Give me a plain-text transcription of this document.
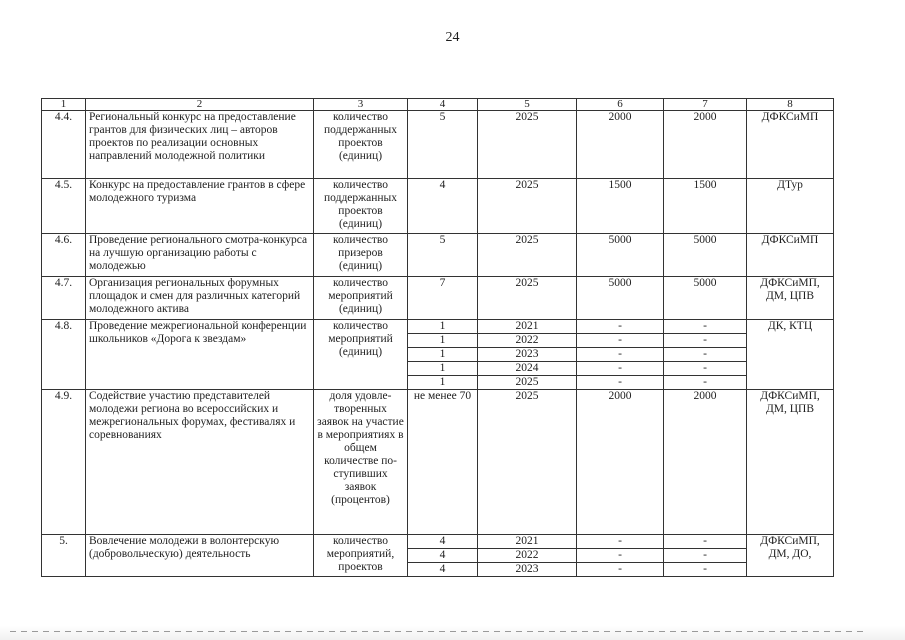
24
1	2	3	4	5	6	7	8
4.4.	Региональный конкурс на предоставление грантов для физических лиц – авторов проектов по реализации основных направлений молодежной политики	количество поддержанных проектов (единиц)	5	2025	2000	2000	ДФКСиМП
4.5.	Конкурс на предоставление грантов в сфере молодежного туризма	количество поддержанных проектов (единиц)	4	2025	1500	1500	ДТур
4.6.	Проведение регионального смотра-конкурса на лучшую организацию работы с молодежью	количество призеров (единиц)	5	2025	5000	5000	ДФКСиМП
4.7.	Организация региональных форумных площадок и смен для различных категорий молодежного актива	количество мероприятий (единиц)	7	2025	5000	5000	ДФКСиМП, ДМ, ЦПВ
4.8.	Проведение межрегиональной конференции школьников «Дорога к звездам»	количество мероприятий (единиц)	1	2021	-	-	ДК, КТЦ
			1	2022	-	-	
			1	2023	-	-	
			1	2024	-	-	
			1	2025	-	-	
4.9.	Содействие участию представителей молодежи региона во всероссийских и межрегиональных форумах, фестивалях и соревнованиях	доля удовле-творенных заявок на участие в мероприятиях в общем количестве по-ступивших заявок (процентов)	не менее 70	2025	2000	2000	ДФКСиМП, ДМ, ЦПВ
5.	Вовлечение молодежи в волонтерскую (добровольческую) деятельность	количество мероприятий, проектов	4	2021	-	-	ДФКСиМП, ДМ, ДО,
			4	2022	-	-	
			4	2023	-	-	
